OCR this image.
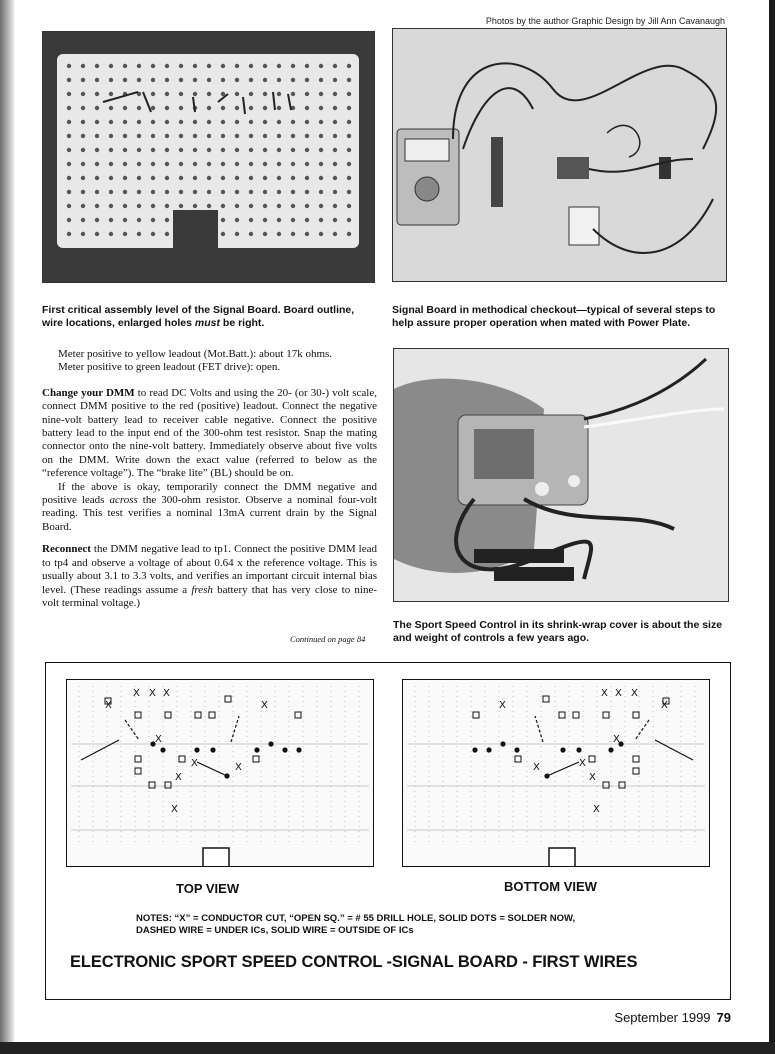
Photos by the author Graphic Design by Jill Ann Cavanaugh
First critical assembly level of the Signal Board. Board outline,
wire locations, enlarged holes must be right.
Signal Board in methodical checkout—typical of several steps to help assure proper operation when mated with Power Plate.
The Sport Speed Control in its shrink-wrap cover is about the size and weight of controls a few years ago.

Meter positive to yellow leadout (Mot.Batt.): about 17k ohms.

Meter positive to green leadout (FET drive): open.

Change your DMM to read DC Volts and using the 20- (or 30-) volt scale, connect DMM positive to the red (positive) leadout. Connect the negative nine-volt battery lead to receiver cable negative. Connect the positive battery lead to the input end of the 300-ohm test resistor. Snap the mating connector onto the nine-volt battery. Immediately observe about five volts on the DMM. Write down the exact value (referred to below as the “reference voltage”). The “brake lite” (BL) should be on.

If the above is okay, temporarily connect the DMM negative and positive leads across the 300-ohm resistor. Observe a nominal four-volt reading. This test verifies a nominal 13mA current drain by the Signal Board.

Reconnect the DMM negative lead to tp1. Connect the positive DMM lead to tp4 and observe a voltage of about 0.64 x the reference voltage. This is usually about 3.1 to 3.3 volts, and verifies an important circuit internal bias level. (These readings assume a fresh battery that has very close to nine-volt terminal voltage.)

Continued on page 84
X X X
X
X
X
X	X
X
X
X X X
X
X
X
X
X
X
X
TOP VIEW	BOTTOM VIEW
NOTES: “X” = CONDUCTOR CUT, “OPEN SQ.” = # 55 DRILL HOLE, SOLID DOTS = SOLDER NOW,
DASHED WIRE = UNDER ICs, SOLID WIRE = OUTSIDE OF ICs
ELECTRONIC SPORT SPEED CONTROL -SIGNAL BOARD - FIRST WIRES
September 1999 79
